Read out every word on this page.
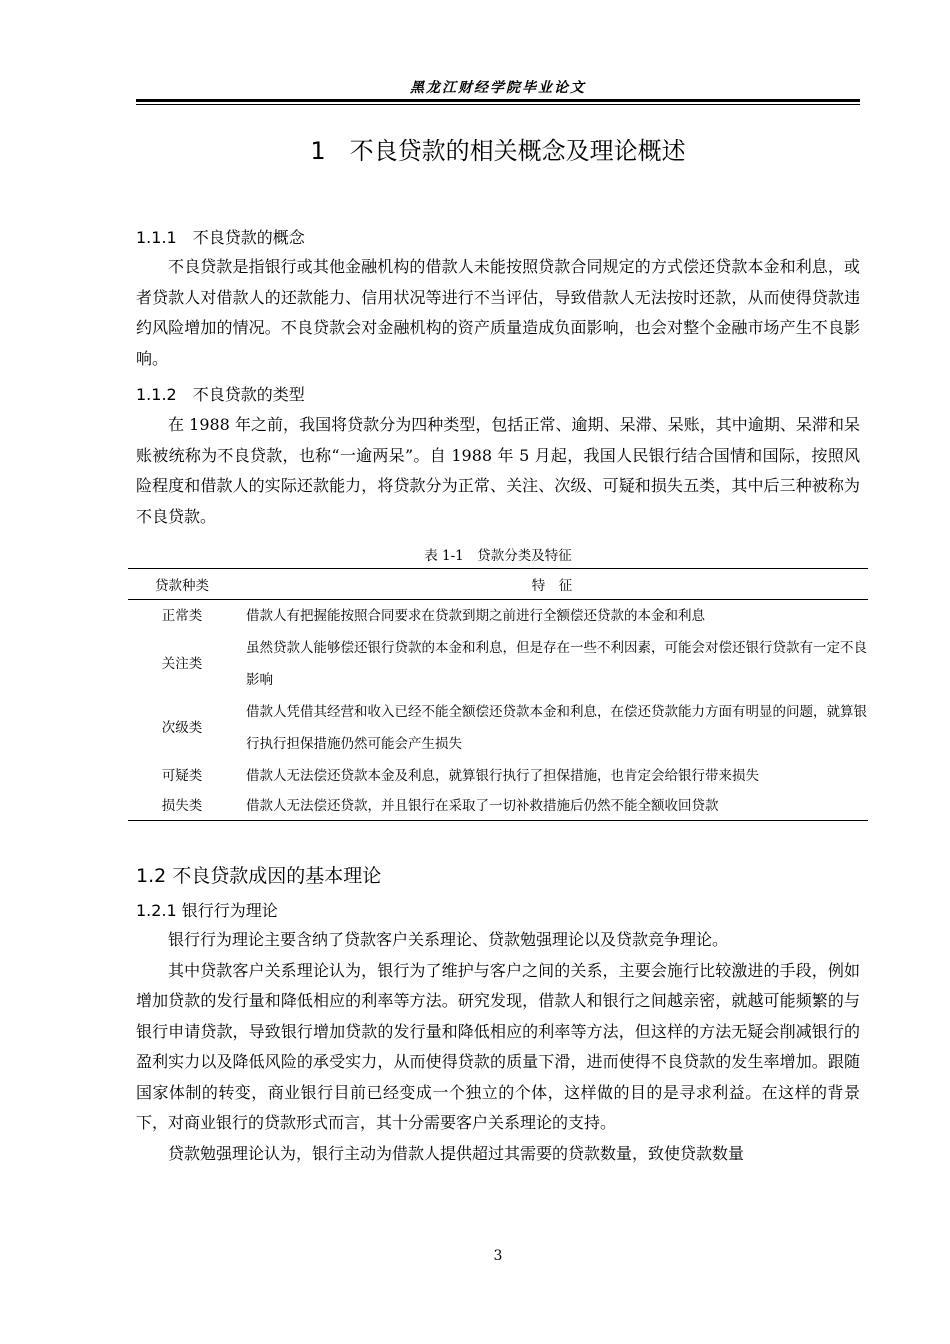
黑龙江财经学院毕业论文
1　不良贷款的相关概念及理论概述
1.1.1　不良贷款的概念

不良贷款是指银行或其他金融机构的借款人未能按照贷款合同规定的方式偿还贷款本金和利息，或者贷款人对借款人的还款能力、信用状况等进行不当评估，导致借款人无法按时还款，从而使得贷款违约风险增加的情况。不良贷款会对金融机构的资产质量造成负面影响，也会对整个金融市场产生不良影响。

1.1.2　不良贷款的类型

在 1988 年之前，我国将贷款分为四种类型，包括正常、逾期、呆滞、呆账，其中逾期、呆滞和呆账被统称为不良贷款，也称“一逾两呆”。自 1988 年 5 月起，我国人民银行结合国情和国际，按照风险程度和借款人的实际还款能力，将贷款分为正常、关注、次级、可疑和损失五类，其中后三种被称为不良贷款。

表 1-1　贷款分类及特征
贷款种类	特　征
正常类	借款人有把握能按照合同要求在贷款到期之前进行全额偿还贷款的本金和利息
关注类	虽然贷款人能够偿还银行贷款的本金和利息，但是存在一些不利因素，可能会对偿还银行贷款有一定不良影响
次级类	借款人凭借其经营和收入已经不能全额偿还贷款本金和利息，在偿还贷款能力方面有明显的问题，就算银行执行担保措施仍然可能会产生损失
可疑类	借款人无法偿还贷款本金及利息，就算银行执行了担保措施，也肯定会给银行带来损失
损失类	借款人无法偿还贷款，并且银行在采取了一切补救措施后仍然不能全额收回贷款
1.2 不良贷款成因的基本理论
1.2.1 银行行为理论

银行行为理论主要含纳了贷款客户关系理论、贷款勉强理论以及贷款竞争理论。

其中贷款客户关系理论认为，银行为了维护与客户之间的关系，主要会施行比较激进的手段，例如增加贷款的发行量和降低相应的利率等方法。研究发现，借款人和银行之间越亲密，就越可能频繁的与银行申请贷款，导致银行增加贷款的发行量和降低相应的利率等方法，但这样的方法无疑会削减银行的盈利实力以及降低风险的承受实力，从而使得贷款的质量下滑，进而使得不良贷款的发生率增加。跟随国家体制的转变，商业银行目前已经变成一个独立的个体，这样做的目的是寻求利益。在这样的背景下，对商业银行的贷款形式而言，其十分需要客户关系理论的支持。

贷款勉强理论认为，银行主动为借款人提供超过其需要的贷款数量，致使贷款数量

3
